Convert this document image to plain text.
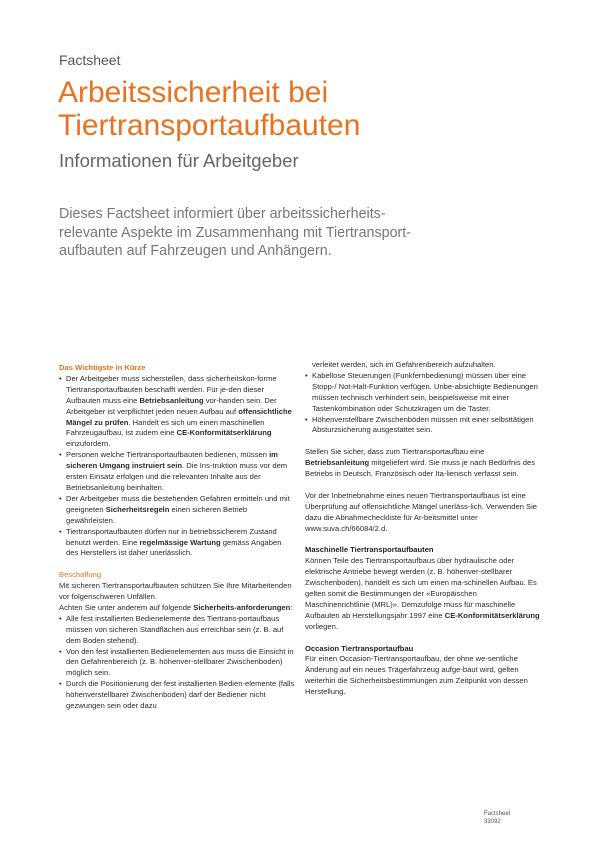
Factsheet
Arbeitssicherheit bei
Tiertransportaufbauten
Informationen für Arbeitgeber
Dieses Factsheet informiert über arbeitssicherheits-
relevante Aspekte im Zusammenhang mit Tiertransport-
aufbauten auf Fahrzeugen und Anhängern.

Das Wichtigste in Kürze

• Der Arbeitgeber muss sicherstellen, dass sicherheitskon-forme Tiertransportaufbauten beschafft werden. Für je-den dieser Aufbauten muss eine Betriebsanleitung vor-handen sein. Der Arbeitgeber ist verpflichtet jeden neuen Aufbau auf offensichtliche Mängel zu prüfen. Handelt es sich um einen maschinellen Fahrzeugaufbau, ist zudem eine CE-Konformitätserklärung einzufordern.
• Personen welche Tiertransportaufbauten bedienen, müssen im sicheren Umgang instruiert sein. Die Ins-truktion muss vor dem ersten Einsatz erfolgen und die relevanten Inhalte aus der Betriebsanleitung beinhalten.
• Der Arbeitgeber muss die bestehenden Gefahren ermitteln und mit geeigneten Sicherheitsregeln einen sicheren Betrieb gewährleisten.
• Tiertransportaufbauten dürfen nur in betriebssicherem Zustand benutzt werden. Eine regelmässige Wartung gemäss Angaben des Herstellers ist daher unerlässlich.

Beschaffung

Mit sicheren Tiertransportaufbauten schützen Sie Ihre Mitarbeitenden vor folgenschweren Unfällen.

Achten Sie unter anderem auf folgende Sicherheits-anforderungen:

• Alle fest installierten Bedienelemente des Tiertrans-portaufbaus müssen von sicheren Standflächen aus erreichbar sein (z. B. auf dem Boden stehend).
• Von den fest installierten Bedienelementen aus muss die Einsicht in den Gefahrenbereich (z. B. höhenver-stellbarer Zwischenboden) möglich sein.
• Durch die Positionierung der fest installierten Bedien-elemente (falls höhenverstellbarer Zwischenboden) darf der Bediener nicht gezwungen sein oder dazu

verleitet werden, sich im Gefahrenbereich aufzuhalten.

• Kabellose Steuerungen (Funkfernbedienung) müssen über eine Stopp-/ Not-Halt-Funktion verfügen. Unbe-absichtigte Bedienungen müssen technisch verhindert sein, beispielsweise mit einer Tastenkombination oder Schutzkragen um die Taster.
• Höhenverstellbare Zwischenböden müssen mit einer selbsttätigen Absturzsicherung ausgestattet sein.

Stellen Sie sicher, dass zum Tiertransportaufbau eine Betriebsanleitung mitgeliefert wird. Sie muss je nach Bedürfnis des Betriebs in Deutsch, Französisch oder Ita-lienisch verfasst sein.

Vor der Inbetriebnahme eines neuen Tiertransportaufbaus ist eine Überprüfung auf offensichtliche Mängel unerläss-lich. Verwenden Sie dazu die Abnahmecheckliste für Ar-beitsmittel unter www.suva.ch/66084/2.d.

Maschinelle Tiertransportaufbauten

Können Teile des Tiertransportaufbaus über hydraulische oder elektrische Antriebe bewegt werden (z. B. höhenver-stellbarer Zwischenboden), handelt es sich um einen ma-schinellen Aufbau. Es gelten somit die Bestimmungen der «Europäischen Maschinenrichtlinie (MRL)». Demzufolge muss für maschinelle Aufbauten ab Herstellungsjahr 1997 eine CE-Konformitätserklärung vorliegen.

Occasion Tiertransportaufbau

Für einen Occasion-Tiertransportaufbau, der ohne we-sentliche Änderung auf ein neues Trägerfahrzeug aufge-baut wird, gelten weiterhin die Sicherheitsbestimmungen zum Zeitpunkt von dessen Herstellung.

Factsheet
33092
